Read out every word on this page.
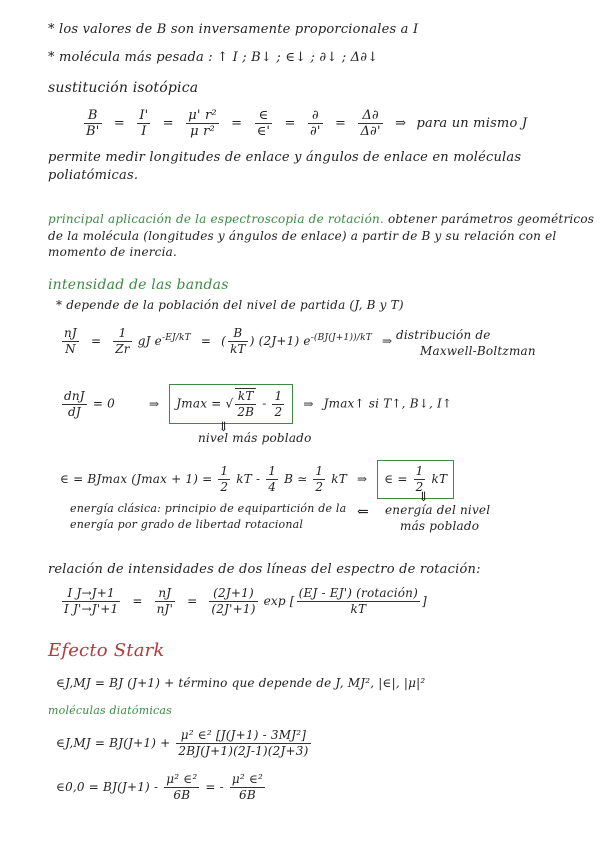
* los valores de B son inversamente proporcionales a I
* molécula más pesada : ↑ I ; B↓ ; ∈↓ ; ∂↓ ; Δ∂↓
sustitución isotópica
$\frac{B}{B'} = \frac{I'}{I} = \frac{\text{μ' r²}}{\text{μ r²}} = \frac{\in}{\in'} = \frac{\partial}{\partial'} = \frac{\Delta\partial}{\Delta\partial'}$ ⇒ para un mismo J
permite medir longitudes de enlace y ángulos de enlace en moléculas
poliatómicas.
principal aplicación de la espectroscopia de rotación. obtener parámetros geométricos
de la molécula (longitudes y ángulos de enlace) a partir de B y su relación con el
momento de inercia.
intensidad de las bandas
* depende de la población del nivel de partida (J, B y T)
$\frac{nJ}{N} = \frac{1}{Zr}$ gJ $e^{-EJ/kT}$ = ( $\frac{B}{kT}$ ) (2J+1) $e^{-(BJ(J+1))/kT}$ ⇒ distribución de
Maxwell-Boltzman
$\frac{\text{dnJ}}{dJ} = 0$	⇒ Jmax = √ $\frac{kT}{2B} - \frac{1}{2}$ ⇒ Jmax↑ si T↑, B↓, I↑
⇓
nivel más poblado
∈ = BJmax $(Jmax + 1) = \frac{1}{2}$ kT - $\frac{1}{4}$ B ≃ $\frac{1}{2}$ kT ⇒ ∈ = $\frac{1}{2}$ kT
⇓
energía clásica: principio de equipartición de la
energía por grado de libertad rotacional
⇐ energía del nivel
más poblado
relación de intensidades de dos líneas del espectro de rotación:
$\frac{\text{I J→J+1}}{\text{I J'→J'+1}} = \frac{nJ}{nJ'} = \frac{(2J+1)}{(2J'+1)}$ exp [ $\frac{\text{(EJ - EJ') (rotación)}}{kT}$ ]
Efecto Stark
∈J,MJ = BJ (J+1) + término que depende de J, MJ², |∈|, |μ|²
moléculas diatómicas
∈J,MJ = $BJ(J+1) + \frac{\text{μ² ∈² [J(J+1) - 3MJ²]}}{2BJ(J+1)(2J-1)(2J+3)}$
∈0,0 = $BJ(J+1) - \frac{\text{μ² ∈²}}{6B}$ = - $\frac{\text{μ² ∈²}}{6B}$
